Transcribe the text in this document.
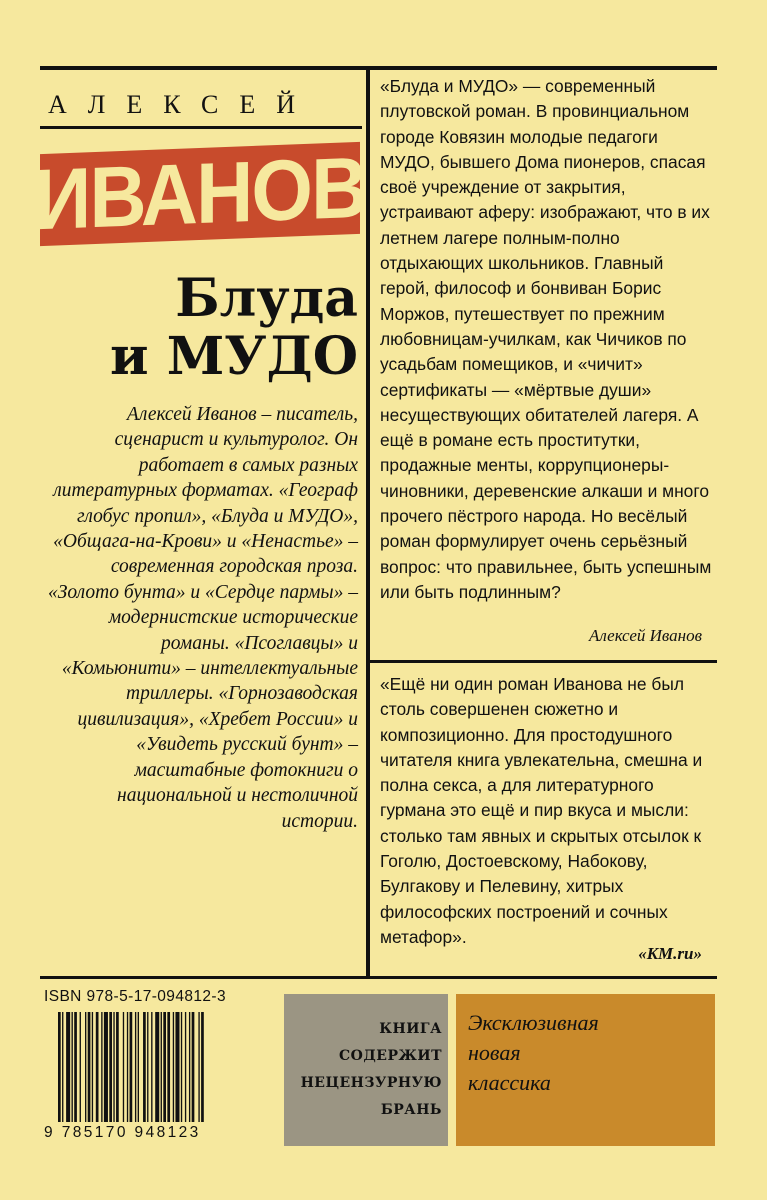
АЛЕКСЕЙ
ИВАНОВ
Блуда
и МУДО
Алексей Иванов – писатель, сценарист и культуролог. Он работает в самых разных литературных форматах. «Географ глобус пропил», «Блуда и МУДО», «Общага-на-Крови» и «Ненастье» – современная городская проза. «Золото бунта» и «Сердце пармы» – модернистские исторические романы. «Псоглавцы» и «Комьюнити» – интеллектуальные триллеры. «Горнозаводская цивилизация», «Хребет России» и «Увидеть русский бунт» – масштабные фотокниги о национальной и нестоличной истории.
«Блуда и МУДО» — современный плутовской роман. В провинциальном городе Ковязин молодые педагоги МУДО, бывшего Дома пионеров, спасая своё учреждение от закрытия, устраивают аферу: изображают, что в их летнем лагере полным-полно отдыхающих школьников. Главный герой, философ и бонвиван Борис Моржов, путешествует по прежним любовницам-училкам, как Чичиков по усадьбам помещиков, и «чичит» сертификаты — «мёртвые души» несуществующих обитателей лагеря. А ещё в романе есть проститутки, продажные менты, коррупционеры-чиновники, деревенские алкаши и много прочего пёстрого народа. Но весёлый роман формулирует очень серьёзный вопрос: что правильнее, быть успешным или быть подлинным?
Алексей Иванов
«Ещё ни один роман Иванова не был столь совершенен сюжетно и композиционно. Для простодушного читателя книга увлекательна, смешна и полна секса, а для литературного гурмана это ещё и пир вкуса и мысли: столько там явных и скрытых отсылок к Гоголю, Достоевскому, Набокову, Булгакову и Пелевину, хитрых философских построений и сочных метафор».
«KM.ru»
ISBN 978-5-17-094812-3
9 785170 948123
КНИГА
СОДЕРЖИТ
НЕЦЕНЗУРНУЮ
БРАНЬ
Эксклюзивная
новая
классика
